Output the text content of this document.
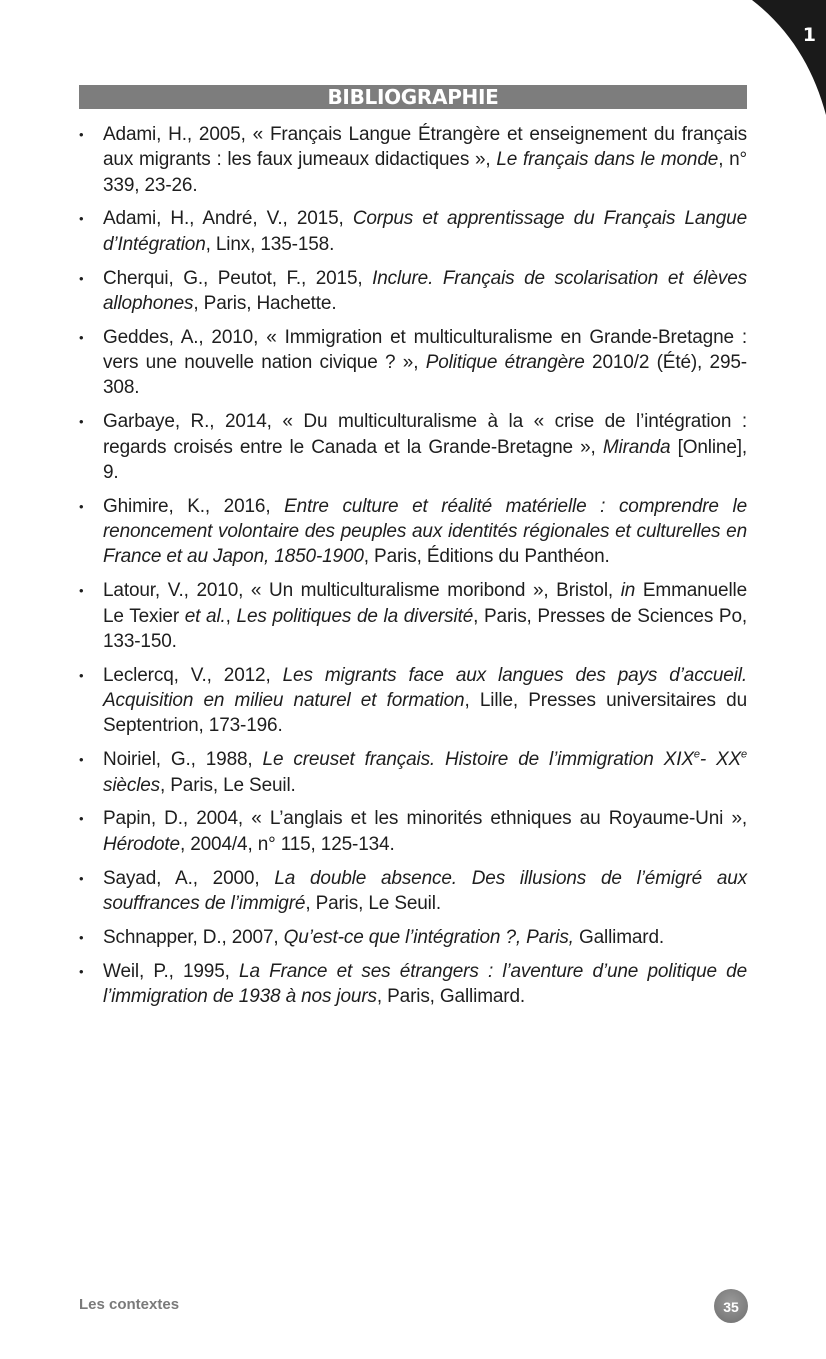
1
BIBLIOGRAPHIE
• Adami, H., 2005, « Français Langue Étrangère et enseignement du français aux migrants : les faux jumeaux didactiques », Le français dans le monde, n° 339, 23-26.
• Adami, H., André, V., 2015, Corpus et apprentissage du Français Langue d’Intégration, Linx, 135-158.
• Cherqui, G., Peutot, F., 2015, Inclure. Français de scolarisation et élèves allophones, Paris, Hachette.
• Geddes, A., 2010, « Immigration et multiculturalisme en Grande-Bretagne : vers une nouvelle nation civique ? », Politique étrangère 2010/2 (Été), 295-308.
• Garbaye, R., 2014, « Du multiculturalisme à la « crise de l’intégration : regards croisés entre le Canada et la Grande-Bretagne », Miranda [Online], 9.
• Ghimire, K., 2016, Entre culture et réalité matérielle : comprendre le renoncement volontaire des peuples aux identités régionales et culturelles en France et au Japon, 1850-1900, Paris, Éditions du Panthéon.
• Latour, V., 2010, « Un multiculturalisme moribond », Bristol, in Emmanuelle Le Texier et al., Les politiques de la diversité, Paris, Presses de Sciences Po, 133-150.
• Leclercq, V., 2012, Les migrants face aux langues des pays d’accueil. Acquisition en milieu naturel et formation, Lille, Presses universitaires du Septentrion, 173-196.
• Noiriel, G., 1988, Le creuset français. Histoire de l’immigration XIXe- XXe siècles, Paris, Le Seuil.
• Papin, D., 2004, « L’anglais et les minorités ethniques au Royaume-Uni », Hérodote, 2004/4, n° 115, 125-134.
• Sayad, A., 2000, La double absence. Des illusions de l’émigré aux souffrances de l’immigré, Paris, Le Seuil.
• Schnapper, D., 2007, Qu’est-ce que l’intégration ?, Paris, Gallimard.
• Weil, P., 1995, La France et ses étrangers : l’aventure d’une politique de l’immigration de 1938 à nos jours, Paris, Gallimard.
Les contextes	35
